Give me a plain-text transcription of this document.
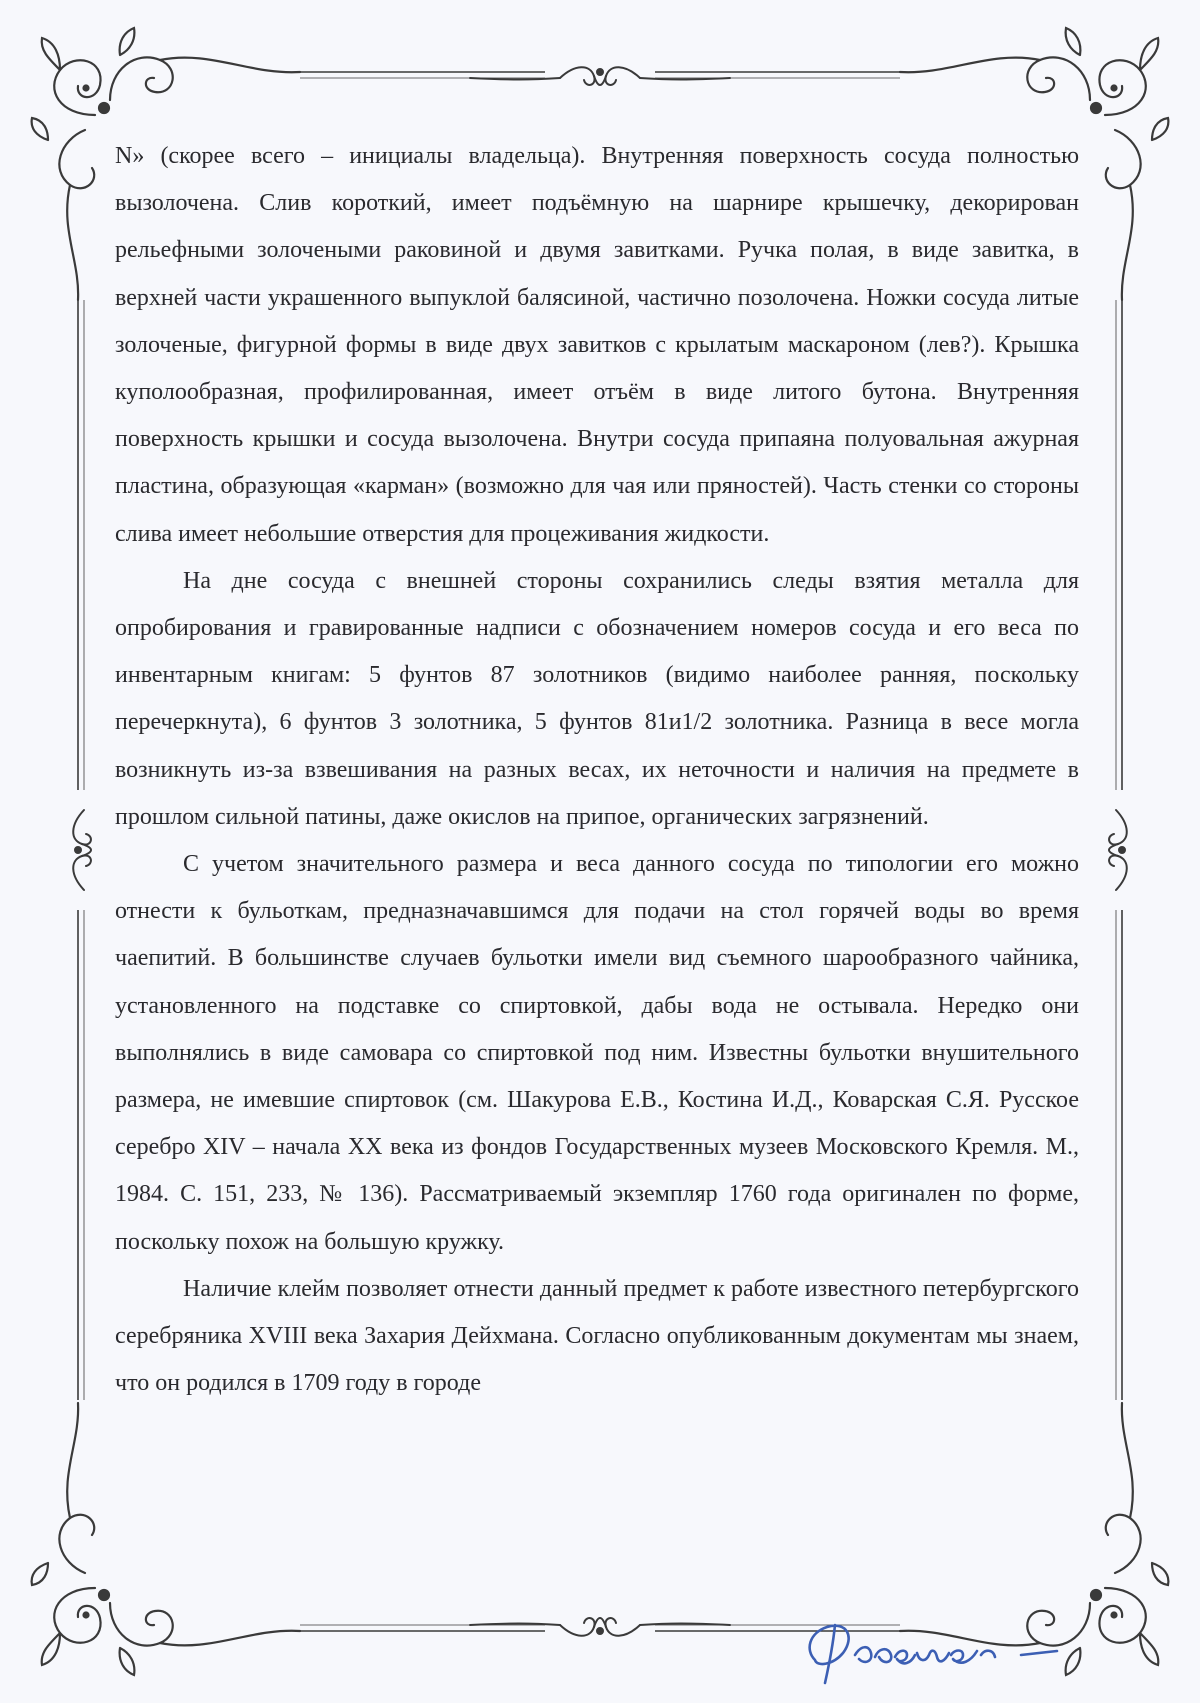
N» (скорее всего – инициалы владельца). Внутренняя поверхность сосуда полностью вызолочена. Слив короткий, имеет подъёмную на шарнире крышечку, декорирован рельефными золочеными раковиной и двумя завитками. Ручка полая, в виде завитка, в верхней части украшенного выпуклой балясиной, частично позолочена. Ножки сосуда литые золоченые, фигурной формы в виде двух завитков с крылатым маскароном (лев?). Крышка куполообразная, профилированная, имеет отъём в виде литого бутона. Внутренняя поверхность крышки и сосуда вызолочена. Внутри сосуда припаяна полуовальная ажурная пластина, образующая «карман» (возможно для чая или пряностей). Часть стенки со стороны слива имеет небольшие отверстия для процеживания жидкости.

На дне сосуда с внешней стороны сохранились следы взятия металла для опробирования и гравированные надписи с обозначением номеров сосуда и его веса по инвентарным книгам: 5 фунтов 87 золотников (видимо наиболее ранняя, поскольку перечеркнута), 6 фунтов 3 золотника, 5 фунтов 81и1/2 золотника. Разница в весе могла возникнуть из-за взвешивания на разных весах, их неточности и наличия на предмете в прошлом сильной патины, даже окислов на припое, органических загрязнений.

С учетом значительного размера и веса данного сосуда по типологии его можно отнести к бульоткам, предназначавшимся для подачи на стол горячей воды во время чаепитий. В большинстве случаев бульотки имели вид съемного шарообразного чайника, установленного на подставке со спиртовкой, дабы вода не остывала. Нередко они выполнялись в виде самовара со спиртовкой под ним. Известны бульотки внушительного размера, не имевшие спиртовок (см. Шакурова Е.В., Костина И.Д., Коварская С.Я. Русское серебро XIV – начала XX века из фондов Государственных музеев Московского Кремля. М., 1984. С. 151, 233, № 136). Рассматриваемый экземпляр 1760 года оригинален по форме, поскольку похож на большую кружку.

Наличие клейм позволяет отнести данный предмет к работе известного петербургского серебряника XVIII века Захария Дейхмана. Согласно опубликованным документам мы знаем, что он родился в 1709 году в городе
